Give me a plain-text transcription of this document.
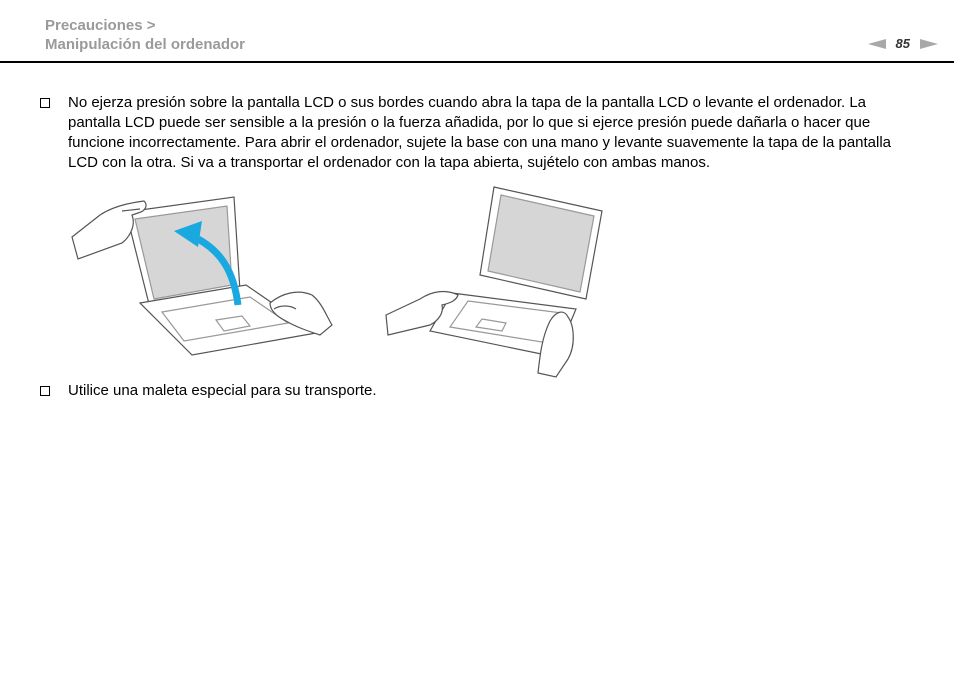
Precauciones >
Manipulación del ordenador	85
No ejerza presión sobre la pantalla LCD o sus bordes cuando abra la tapa de la pantalla LCD o levante el ordenador. La pantalla LCD puede ser sensible a la presión o la fuerza añadida, por lo que si ejerce presión puede dañarla o hacer que funcione incorrectamente. Para abrir el ordenador, sujete la base con una mano y levante suavemente la tapa de la pantalla LCD con la otra. Si va a transportar el ordenador con la tapa abierta, sujételo con ambas manos.
Utilice una maleta especial para su transporte.
